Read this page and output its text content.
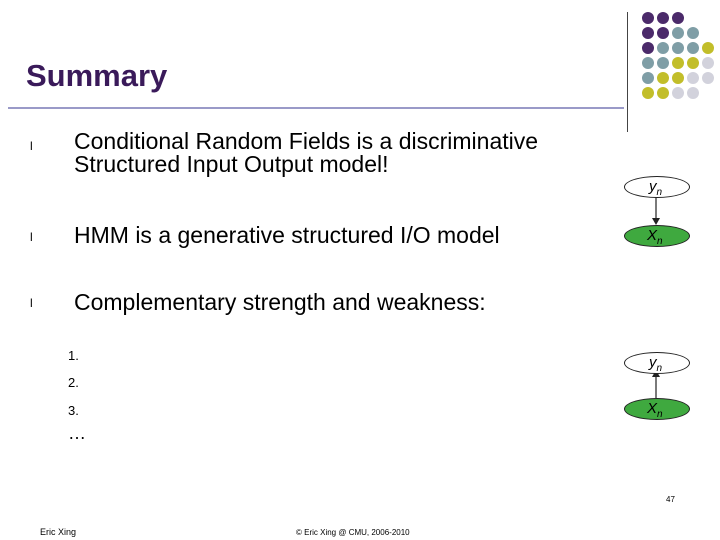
Summary
l Conditional Random Fields is a discriminative
Structured Input Output model!
l HMM is a generative structured I/O model
l Complementary strength and weakness:
1.
2.
3.
…
$y_n$
$X_n$
$y_n$
$X_n$
47
Eric Xing	© Eric Xing @ CMU, 2006-2010
